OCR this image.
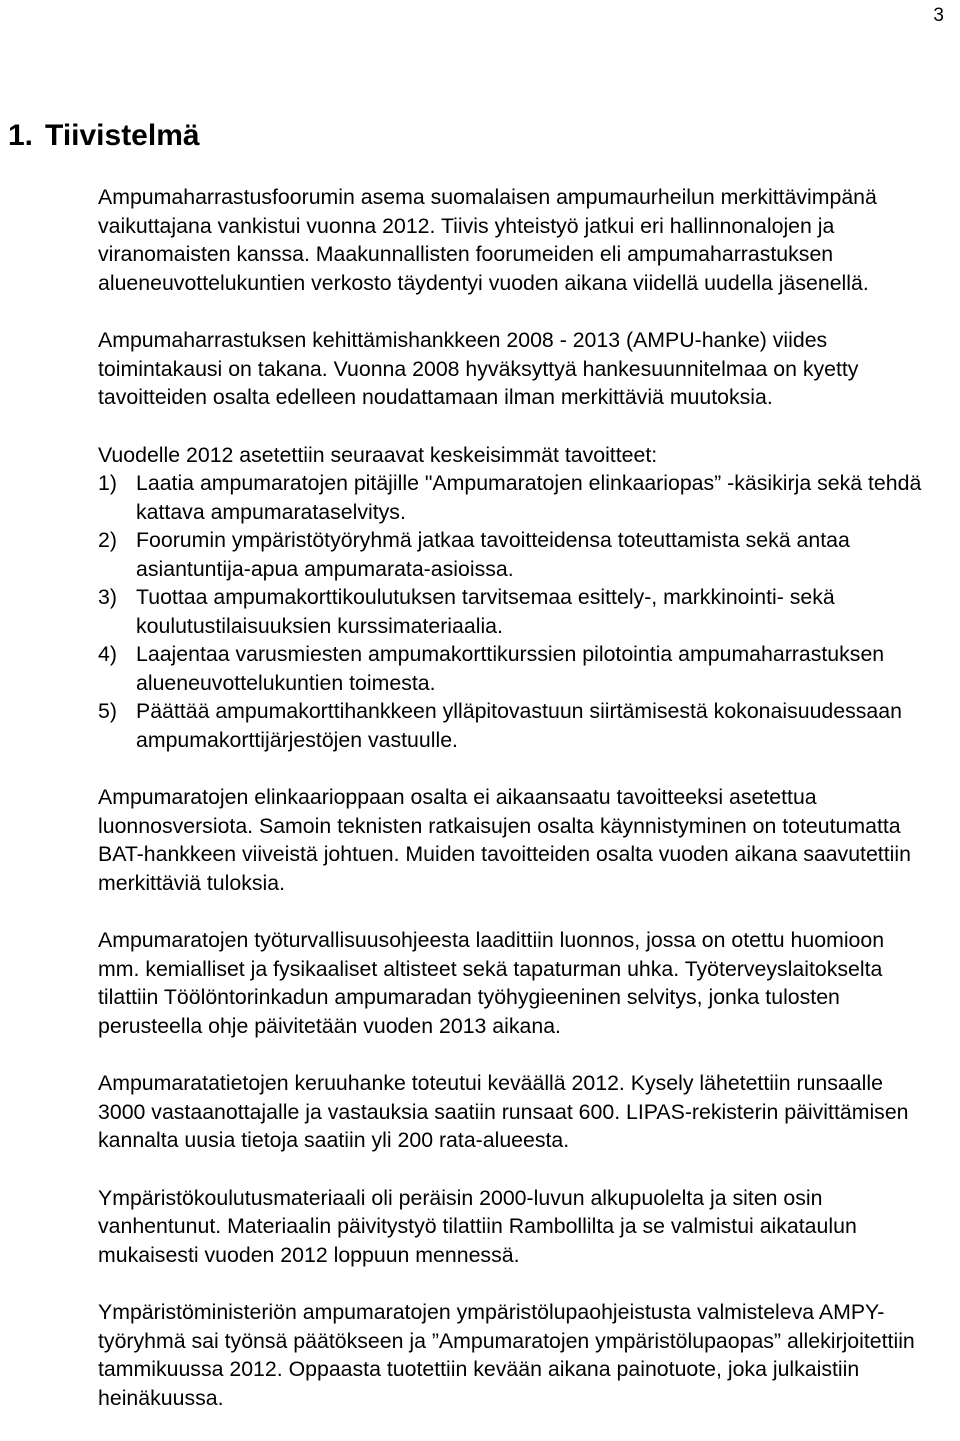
3
1. Tiivistelmä

Ampumaharrastusfoorumin asema suomalaisen ampumaurheilun merkittävimpänä vaikuttajana vankistui vuonna 2012. Tiivis yhteistyö jatkui eri hallinnonalojen ja viranomaisten kanssa. Maakunnallisten foorumeiden eli ampumaharrastuksen alueneuvottelukuntien verkosto täydentyi vuoden aikana viidellä uudella jäsenellä.

Ampumaharrastuksen kehittämishankkeen 2008 - 2013 (AMPU-hanke) viides toimintakausi on takana. Vuonna 2008 hyväksyttyä hankesuunnitelmaa on kyetty tavoitteiden osalta edelleen noudattamaan ilman merkittäviä muutoksia.

Vuodelle 2012 asetettiin seuraavat keskeisimmät tavoitteet:

1) Laatia ampumaratojen pitäjille "Ampumaratojen elinkaariopas” -käsikirja sekä tehdä kattava ampumarataselvitys.
2) Foorumin ympäristötyöryhmä jatkaa tavoitteidensa toteuttamista sekä antaa asiantuntija-apua ampumarata-asioissa.
3) Tuottaa ampumakorttikoulutuksen tarvitsemaa esittely-, markkinointi- sekä koulutustilaisuuksien kurssimateriaalia.
4) Laajentaa varusmiesten ampumakorttikurssien pilotointia ampumaharrastuksen alueneuvottelukuntien toimesta.
5) Päättää ampumakorttihankkeen ylläpitovastuun siirtämisestä kokonaisuudessaan ampumakorttijärjestöjen vastuulle.

Ampumaratojen elinkaarioppaan osalta ei aikaansaatu tavoitteeksi asetettua luonnosversiota. Samoin teknisten ratkaisujen osalta käynnistyminen on toteutumatta BAT-hankkeen viiveistä johtuen. Muiden tavoitteiden osalta vuoden aikana saavutettiin merkittäviä tuloksia.

Ampumaratojen työturvallisuusohjeesta laadittiin luonnos, jossa on otettu huomioon mm. kemialliset ja fysikaaliset altisteet sekä tapaturman uhka. Työterveyslaitokselta tilattiin Töölöntorinkadun ampumaradan työhygieeninen selvitys, jonka tulosten perusteella ohje päivitetään vuoden 2013 aikana.

Ampumaratatietojen keruuhanke toteutui keväällä 2012. Kysely lähetettiin runsaalle 3000 vastaanottajalle ja vastauksia saatiin runsaat 600. LIPAS-rekisterin päivittämisen kannalta uusia tietoja saatiin yli 200 rata-alueesta.

Ympäristökoulutusmateriaali oli peräisin 2000-luvun alkupuolelta ja siten osin vanhentunut. Materiaalin päivitystyö tilattiin Rambollilta ja se valmistui aikataulun mukaisesti vuoden 2012 loppuun mennessä.

Ympäristöministeriön ampumaratojen ympäristölupaohjeistusta valmisteleva AMPY-työryhmä sai työnsä päätökseen ja ”Ampumaratojen ympäristölupaopas” allekirjoitettiin tammikuussa 2012. Oppaasta tuotettiin kevään aikana painotuote, joka julkaistiin heinäkuussa.
